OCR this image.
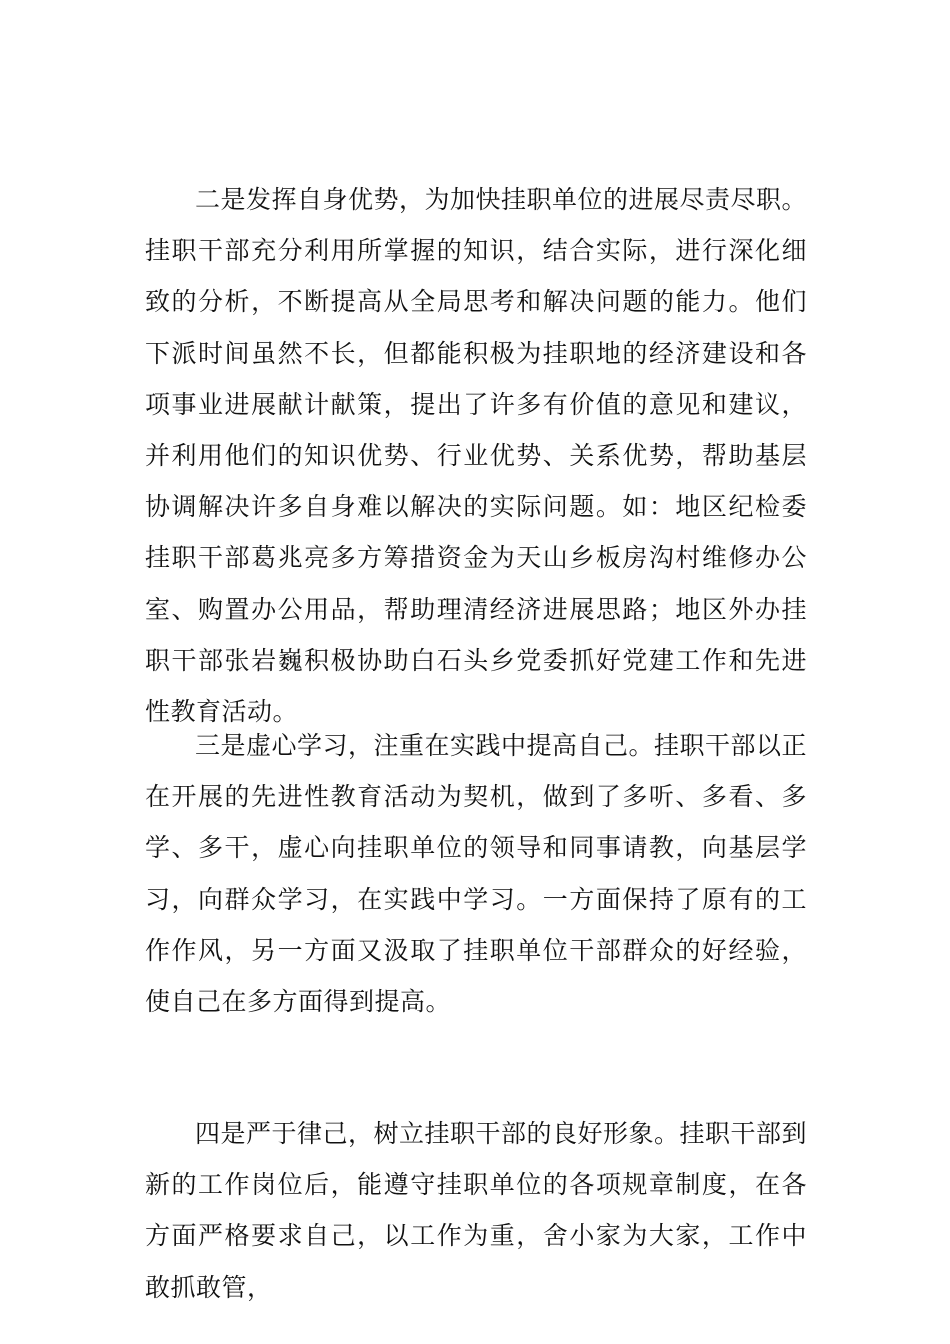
二是发挥自身优势，为加快挂职单位的进展尽责尽职。挂职干部充分利用所掌握的知识，结合实际，进行深化细致的分析，不断提高从全局思考和解决问题的能力。他们下派时间虽然不长，但都能积极为挂职地的经济建设和各项事业进展献计献策，提出了许多有价值的意见和建议，并利用他们的知识优势、行业优势、关系优势，帮助基层协调解决许多自身难以解决的实际问题。如：地区纪检委挂职干部葛兆亮多方筹措资金为天山乡板房沟村维修办公室、购置办公用品，帮助理清经济进展思路；地区外办挂职干部张岩巍积极协助白石头乡党委抓好党建工作和先进性教育活动。

三是虚心学习，注重在实践中提高自己。挂职干部以正在开展的先进性教育活动为契机，做到了多听、多看、多学、多干，虚心向挂职单位的领导和同事请教，向基层学习，向群众学习，在实践中学习。一方面保持了原有的工作作风，另一方面又汲取了挂职单位干部群众的好经验，使自己在多方面得到提高。

四是严于律己，树立挂职干部的良好形象。挂职干部到新的工作岗位后，能遵守挂职单位的各项规章制度，在各方面严格要求自己，以工作为重，舍小家为大家，工作中敢抓敢管，
